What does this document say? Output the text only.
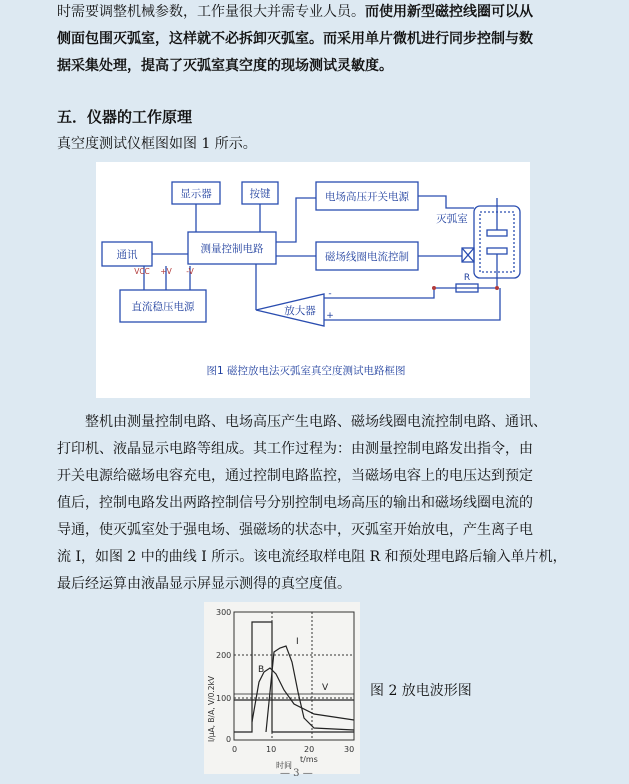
时需要调整机械参数，工作量很大并需专业人员。而使用新型磁控线圈可以从
侧面包围灭弧室，这样就不必拆卸灭弧室。而采用单片微机进行同步控制与数
据采集处理，提高了灭弧室真空度的现场测试灵敏度。
五．仪器的工作原理
真空度测试仪框图如图 1 所示。
显示器	按键	电场高压开关电源
通讯	测量控制电路
磁场线圈电流控制
直流稳压电源	放大器
灭弧室
R
-
+
VCC +V -V
图1 磁控放电法灭弧室真空度测试电路框图
整机由测量控制电路、电场高压产生电路、磁场线圈电流控制电路、通讯、
打印机、液晶显示电路等组成。其工作过程为：由测量控制电路发出指令，由
开关电源给磁场电容充电，通过控制电路监控，当磁场电容上的电压达到预定
值后，控制电路发出两路控制信号分别控制电场高压的输出和磁场线圈电流的
导通，使灭弧室处于强电场、强磁场的状态中，灭弧室开始放电，产生离子电
流 I，如图 2 中的曲线 I 所示。该电流经取样电阻 R 和预处理电路后输入单片机，
最后经运算由液晶显示屏显示测得的真空度值。
300
200
100
0
0	10	20	30
t/ms
时间
I/μA, B/A, V/0.2kV
I
B
V	图 2 放电波形图
— 3 —
